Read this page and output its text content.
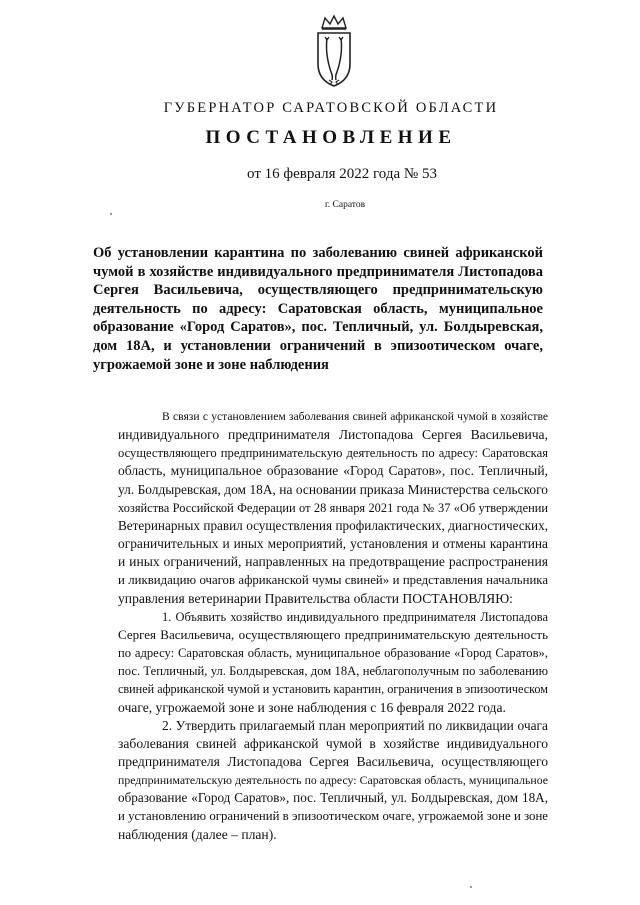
ГУБЕРНАТОР САРАТОВСКОЙ ОБЛАСТИ
ПОСТАНОВЛЕНИЕ
от 16 февраля 2022 года № 53
г. Саратов
Об установлении карантина по заболеванию свиней африканской
чумой в хозяйстве индивидуального предпринимателя Листопадова
Сергея Васильевича, осуществляющего предпринимательскую
деятельность по адресу: Саратовская область, муниципальное
образование «Город Саратов», пос. Тепличный, ул. Болдыревская,
дом 18А, и установлении ограничений в эпизоотическом очаге,
угрожаемой зоне и зоне наблюдения
В связи с установлением заболевания свиней африканской чумой в хозяйстве
индивидуального предпринимателя Листопадова Сергея Васильевича,
осуществляющего предпринимательскую деятельность по адресу: Саратовская
область, муниципальное образование «Город Саратов», пос. Тепличный,
ул. Болдыревская, дом 18А, на основании приказа Министерства сельского
хозяйства Российской Федерации от 28 января 2021 года № 37 «Об утверждении
Ветеринарных правил осуществления профилактических, диагностических,
ограничительных и иных мероприятий, установления и отмены карантина
и иных ограничений, направленных на предотвращение распространения
и ликвидацию очагов африканской чумы свиней» и представления начальника
управления ветеринарии Правительства области ПОСТАНОВЛЯЮ:
1. Объявить хозяйство индивидуального предпринимателя Листопадова
Сергея Васильевича, осуществляющего предпринимательскую деятельность
по адресу: Саратовская область, муниципальное образование «Город Саратов»,
пос. Тепличный, ул. Болдыревская, дом 18А, неблагополучным по заболеванию
свиней африканской чумой и установить карантин, ограничения в эпизоотическом
очаге, угрожаемой зоне и зоне наблюдения с 16 февраля 2022 года.
2. Утвердить прилагаемый план мероприятий по ликвидации очага
заболевания свиней африканской чумой в хозяйстве индивидуального
предпринимателя Листопадова Сергея Васильевича, осуществляющего
предпринимательскую деятельность по адресу: Саратовская область, муниципальное
образование «Город Саратов», пос. Тепличный, ул. Болдыревская, дом 18А,
и установлению ограничений в эпизоотическом очаге, угрожаемой зоне и зоне
наблюдения (далее – план).
